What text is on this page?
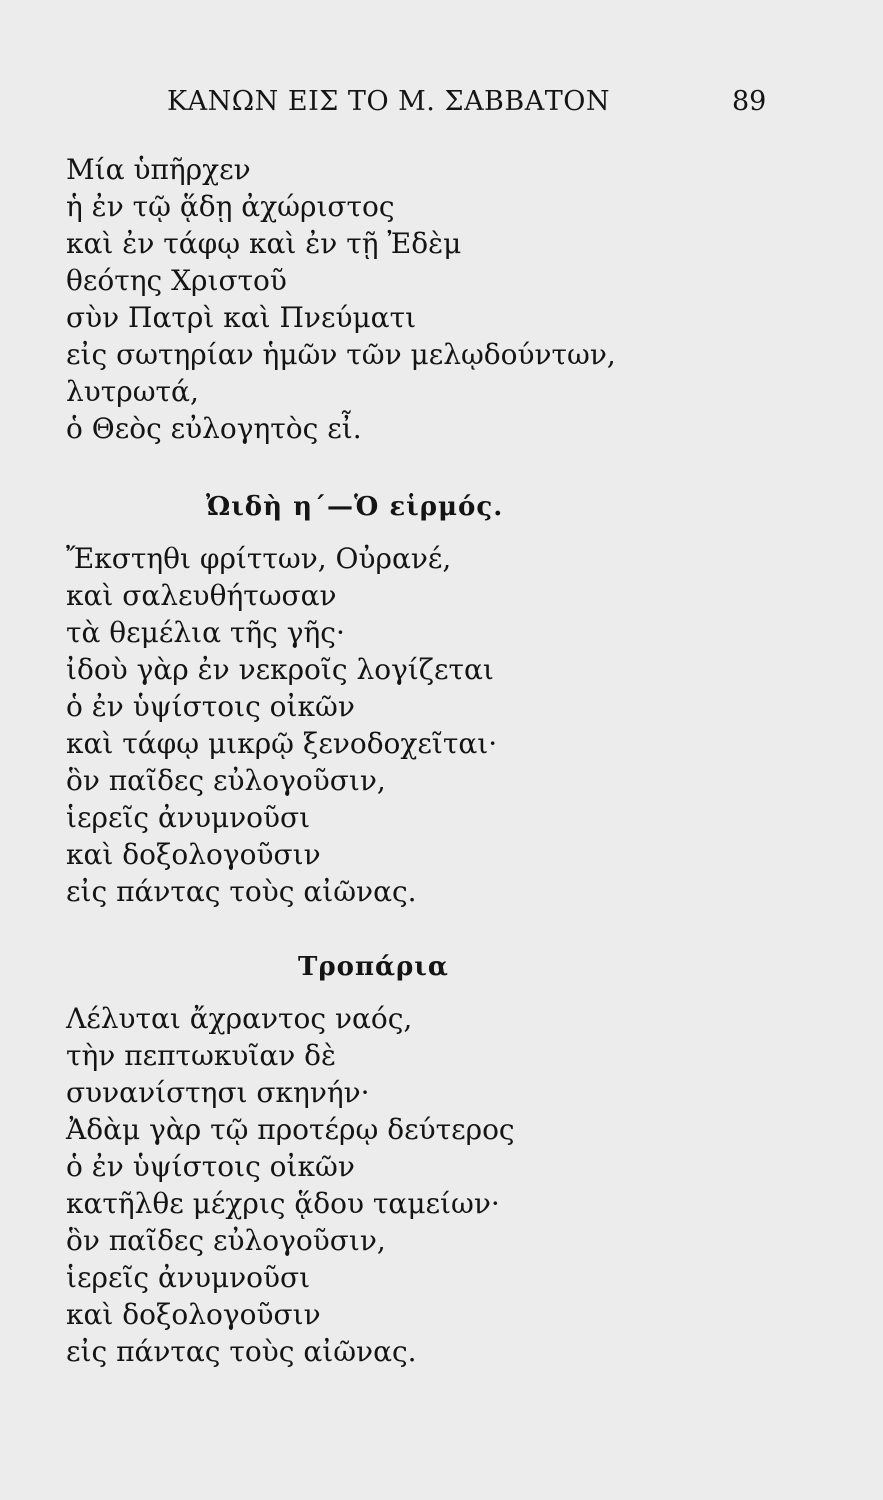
ΚΑΝΩΝ ΕΙΣ ΤΟ Μ. ΣΑΒΒΑΤΟΝ	89
Μία ὑπῆρχεν
ἡ ἐν τῷ ᾅδῃ ἀχώριστος
καὶ ἐν τάφῳ καὶ ἐν τῇ Ἐδὲμ
θεότης Χριστοῦ
σὺν Πατρὶ καὶ Πνεύματι
εἰς σωτηρίαν ἡμῶν τῶν μελῳδούντων,
λυτρωτά,
ὁ Θεὸς εὐλογητὸς εἶ.
Ὠιδὴ η΄—Ὁ εἱρμός.
Ἔκστηθι φρίττων, Οὐρανέ,
καὶ σαλευθήτωσαν
τὰ θεμέλια τῆς γῆς·
ἰδοὺ γὰρ ἐν νεκροῖς λογίζεται
ὁ ἐν ὑψίστοις οἰκῶν
καὶ τάφῳ μικρῷ ξενοδοχεῖται·
ὃν παῖδες εὐλογοῦσιν,
ἱερεῖς ἀνυμνοῦσι
καὶ δοξολογοῦσιν
εἰς πάντας τοὺς αἰῶνας.
Τροπάρια
Λέλυται ἄχραντος ναός,
τὴν πεπτωκυῖαν δὲ
συνανίστησι σκηνήν·
Ἀδὰμ γὰρ τῷ προτέρῳ δεύτερος
ὁ ἐν ὑψίστοις οἰκῶν
κατῆλθε μέχρις ᾅδου ταμείων·
ὃν παῖδες εὐλογοῦσιν,
ἱερεῖς ἀνυμνοῦσι
καὶ δοξολογοῦσιν
εἰς πάντας τοὺς αἰῶνας.
